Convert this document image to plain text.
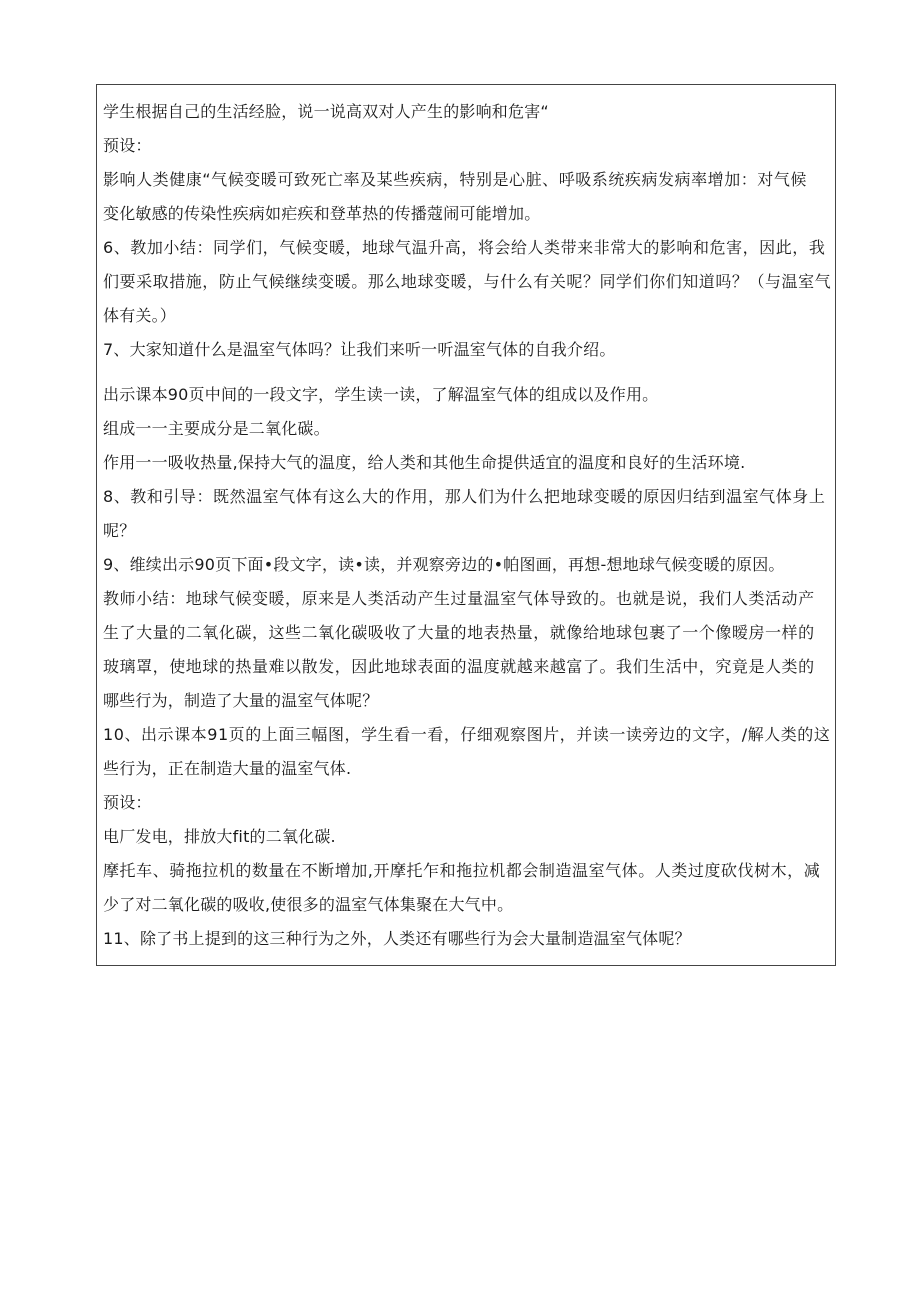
学生根据自己的生活经脸，说一说高双对人产生的影响和危害“
预设：
影响人类健康“气候变暖可致死亡率及某些疾病，特别是心脏、呼吸系统疾病发病率增加：对气候
变化敏感的传染性疾病如疟疾和登革热的传播蔻闹可能增加。
6、教加小结：同学们，气候变暖，地球气温升高，将会给人类带来非常大的影响和危害，因此，我
们要采取措施，防止气候继续变暖。那么地球变暖，与什么有关呢？同学们你们知道吗？（与温室气
体有关。）
7、大家知道什么是温室气体吗？让我们来听一听温室气体的自我介绍。
出示课本90页中间的一段文字，学生读一读，了解温室气体的组成以及作用。
组成一一主要成分是二氧化碳。
作用一一吸收热量,保持大气的温度，给人类和其他生命提供适宜的温度和良好的生活环境.
8、教和引导：既然温室气体有这么大的作用，那人们为什么把地球变暖的原因归结到温室气体身上
呢？
9、维续出示90页下面•段文字，读•读，并观察旁边的•帕图画，再想-想地球气候变暖的原因。
教师小结：地球气候变暖，原来是人类活动产生过量温室气体导致的。也就是说，我们人类活动产
生了大量的二氧化碳，这些二氧化碳吸收了大量的地表热量，就像给地球包裹了一个像暧房一样的
玻璃罩，使地球的热量难以散发，因此地球表面的温度就越来越富了。我们生活中，究竟是人类的
哪些行为，制造了大量的温室气体呢？
10、出示课本91页的上面三幅图，学生看一看，仔细观察图片，并读一读旁边的文字，/解人类的这
些行为，正在制造大量的温室气体.
预设：
电厂发电，排放大fit的二氧化碳.
摩托车、骑拖拉机的数量在不断增加,开摩托乍和拖拉机都会制造温室气体。人类过度砍伐树木，减
少了对二氧化碳的吸收,使很多的温室气体集聚在大气中。
11、除了书上提到的这三种行为之外，人类还有哪些行为会大量制造温室气体呢？
